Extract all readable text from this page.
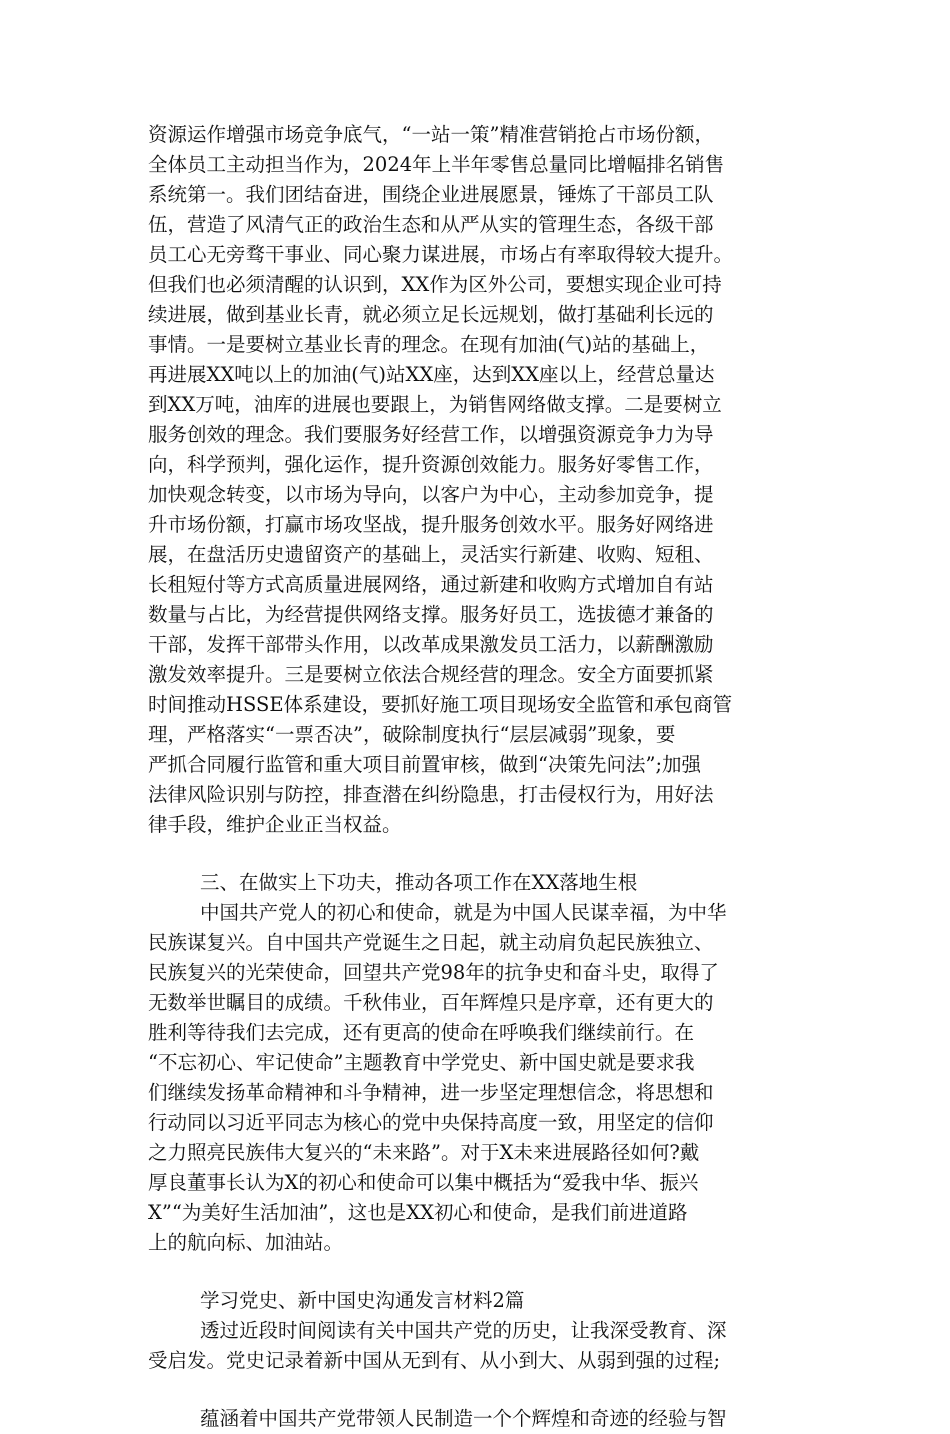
资源运作增强市场竞争底气，“一站一策”精准营销抢占市场份额，
全体员工主动担当作为，2024年上半年零售总量同比增幅排名销售
系统第一。我们团结奋进，围绕企业进展愿景，锤炼了干部员工队
伍，营造了风清气正的政治生态和从严从实的管理生态，各级干部
员工心无旁骛干事业、同心聚力谋进展，市场占有率取得较大提升。
但我们也必须清醒的认识到，XX作为区外公司，要想实现企业可持
续进展，做到基业长青，就必须立足长远规划，做打基础利长远的
事情。一是要树立基业长青的理念。在现有加油(气)站的基础上，
再进展XX吨以上的加油(气)站XX座，达到XX座以上，经营总量达
到XX万吨，油库的进展也要跟上，为销售网络做支撑。二是要树立
服务创效的理念。我们要服务好经营工作，以增强资源竞争力为导
向，科学预判，强化运作，提升资源创效能力。服务好零售工作，
加快观念转变，以市场为导向，以客户为中心，主动参加竞争，提
升市场份额，打赢市场攻坚战，提升服务创效水平。服务好网络进
展，在盘活历史遗留资产的基础上，灵活实行新建、收购、短租、
长租短付等方式高质量进展网络，通过新建和收购方式增加自有站
数量与占比，为经营提供网络支撑。服务好员工，选拔德才兼备的
干部，发挥干部带头作用，以改革成果激发员工活力，以薪酬激励
激发效率提升。三是要树立依法合规经营的理念。安全方面要抓紧
时间推动HSSE体系建设，要抓好施工项目现场安全监管和承包商管
理，严格落实“一票否决”，破除制度执行“层层减弱”现象，要
严抓合同履行监管和重大项目前置审核，做到“决策先问法”;加强
法律风险识别与防控，排查潜在纠纷隐患，打击侵权行为，用好法
律手段，维护企业正当权益。
三、在做实上下功夫，推动各项工作在XX落地生根
中国共产党人的初心和使命，就是为中国人民谋幸福，为中华
民族谋复兴。自中国共产党诞生之日起，就主动肩负起民族独立、
民族复兴的光荣使命，回望共产党98年的抗争史和奋斗史，取得了
无数举世瞩目的成绩。千秋伟业，百年辉煌只是序章，还有更大的
胜利等待我们去完成，还有更高的使命在呼唤我们继续前行。在
“不忘初心、牢记使命”主题教育中学党史、新中国史就是要求我
们继续发扬革命精神和斗争精神，进一步坚定理想信念，将思想和
行动同以习近平同志为核心的党中央保持高度一致，用坚定的信仰
之力照亮民族伟大复兴的“未来路”。对于X未来进展路径如何?戴
厚良董事长认为X的初心和使命可以集中概括为“爱我中华、振兴
X”“为美好生活加油”，这也是XX初心和使命，是我们前进道路
上的航向标、加油站。
学习党史、新中国史沟通发言材料2篇
透过近段时间阅读有关中国共产党的历史，让我深受教育、深
受启发。党史记录着新中国从无到有、从小到大、从弱到强的过程;
蕴涵着中国共产党带领人民制造一个个辉煌和奇迹的经验与智
